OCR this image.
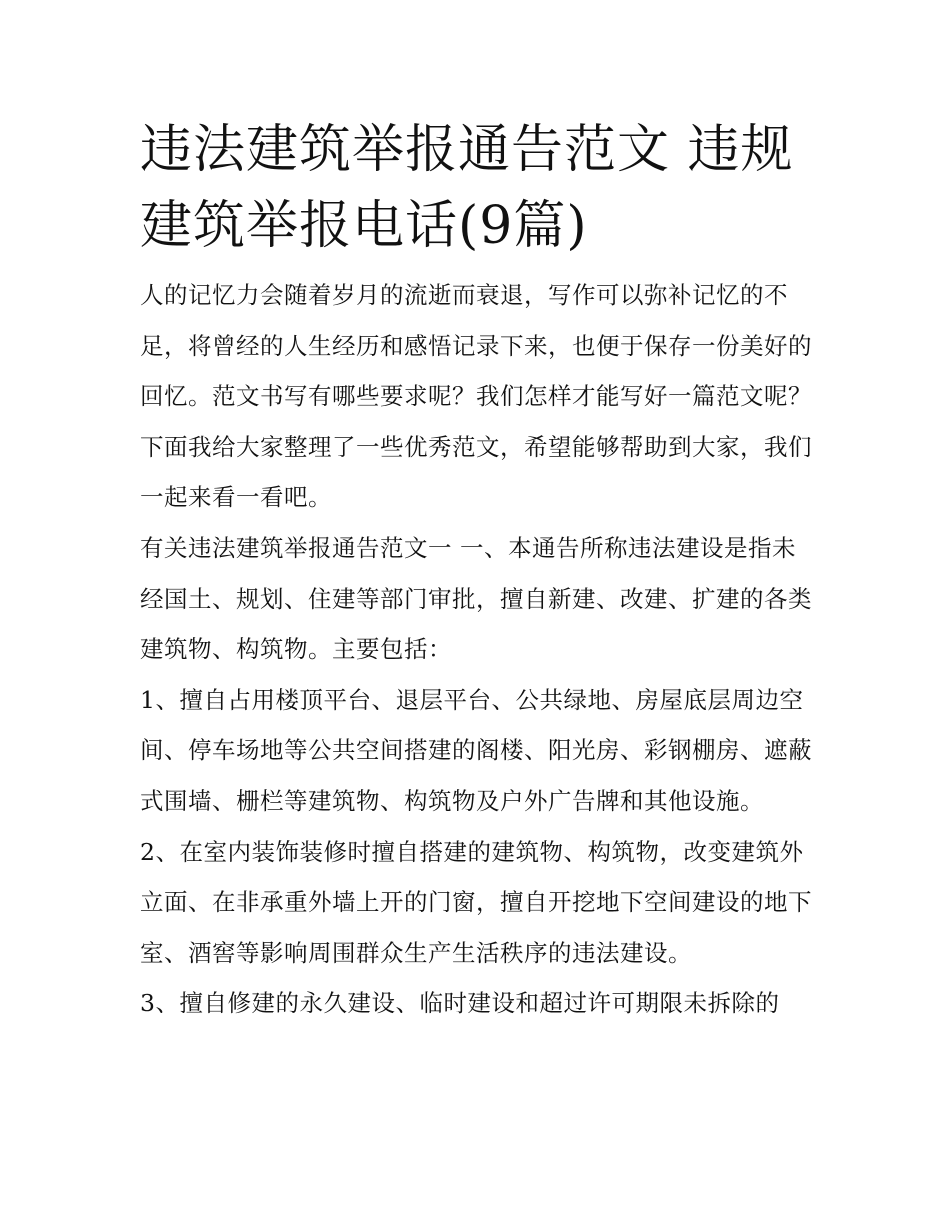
违法建筑举报通告范文 违规建筑举报电话(9篇)

人的记忆力会随着岁月的流逝而衰退，写作可以弥补记忆的不足，将曾经的人生经历和感悟记录下来，也便于保存一份美好的回忆。范文书写有哪些要求呢？我们怎样才能写好一篇范文呢？下面我给大家整理了一些优秀范文，希望能够帮助到大家，我们一起来看一看吧。

有关违法建筑举报通告范文一 一、本通告所称违法建设是指未经国土、规划、住建等部门审批，擅自新建、改建、扩建的各类建筑物、构筑物。主要包括：

1、擅自占用楼顶平台、退层平台、公共绿地、房屋底层周边空间、停车场地等公共空间搭建的阁楼、阳光房、彩钢棚房、遮蔽式围墙、栅栏等建筑物、构筑物及户外广告牌和其他设施。

2、在室内装饰装修时擅自搭建的建筑物、构筑物，改变建筑外立面、在非承重外墙上开的门窗，擅自开挖地下空间建设的地下室、酒窖等影响周围群众生产生活秩序的违法建设。

3、擅自修建的永久建设、临时建设和超过许可期限未拆除的
